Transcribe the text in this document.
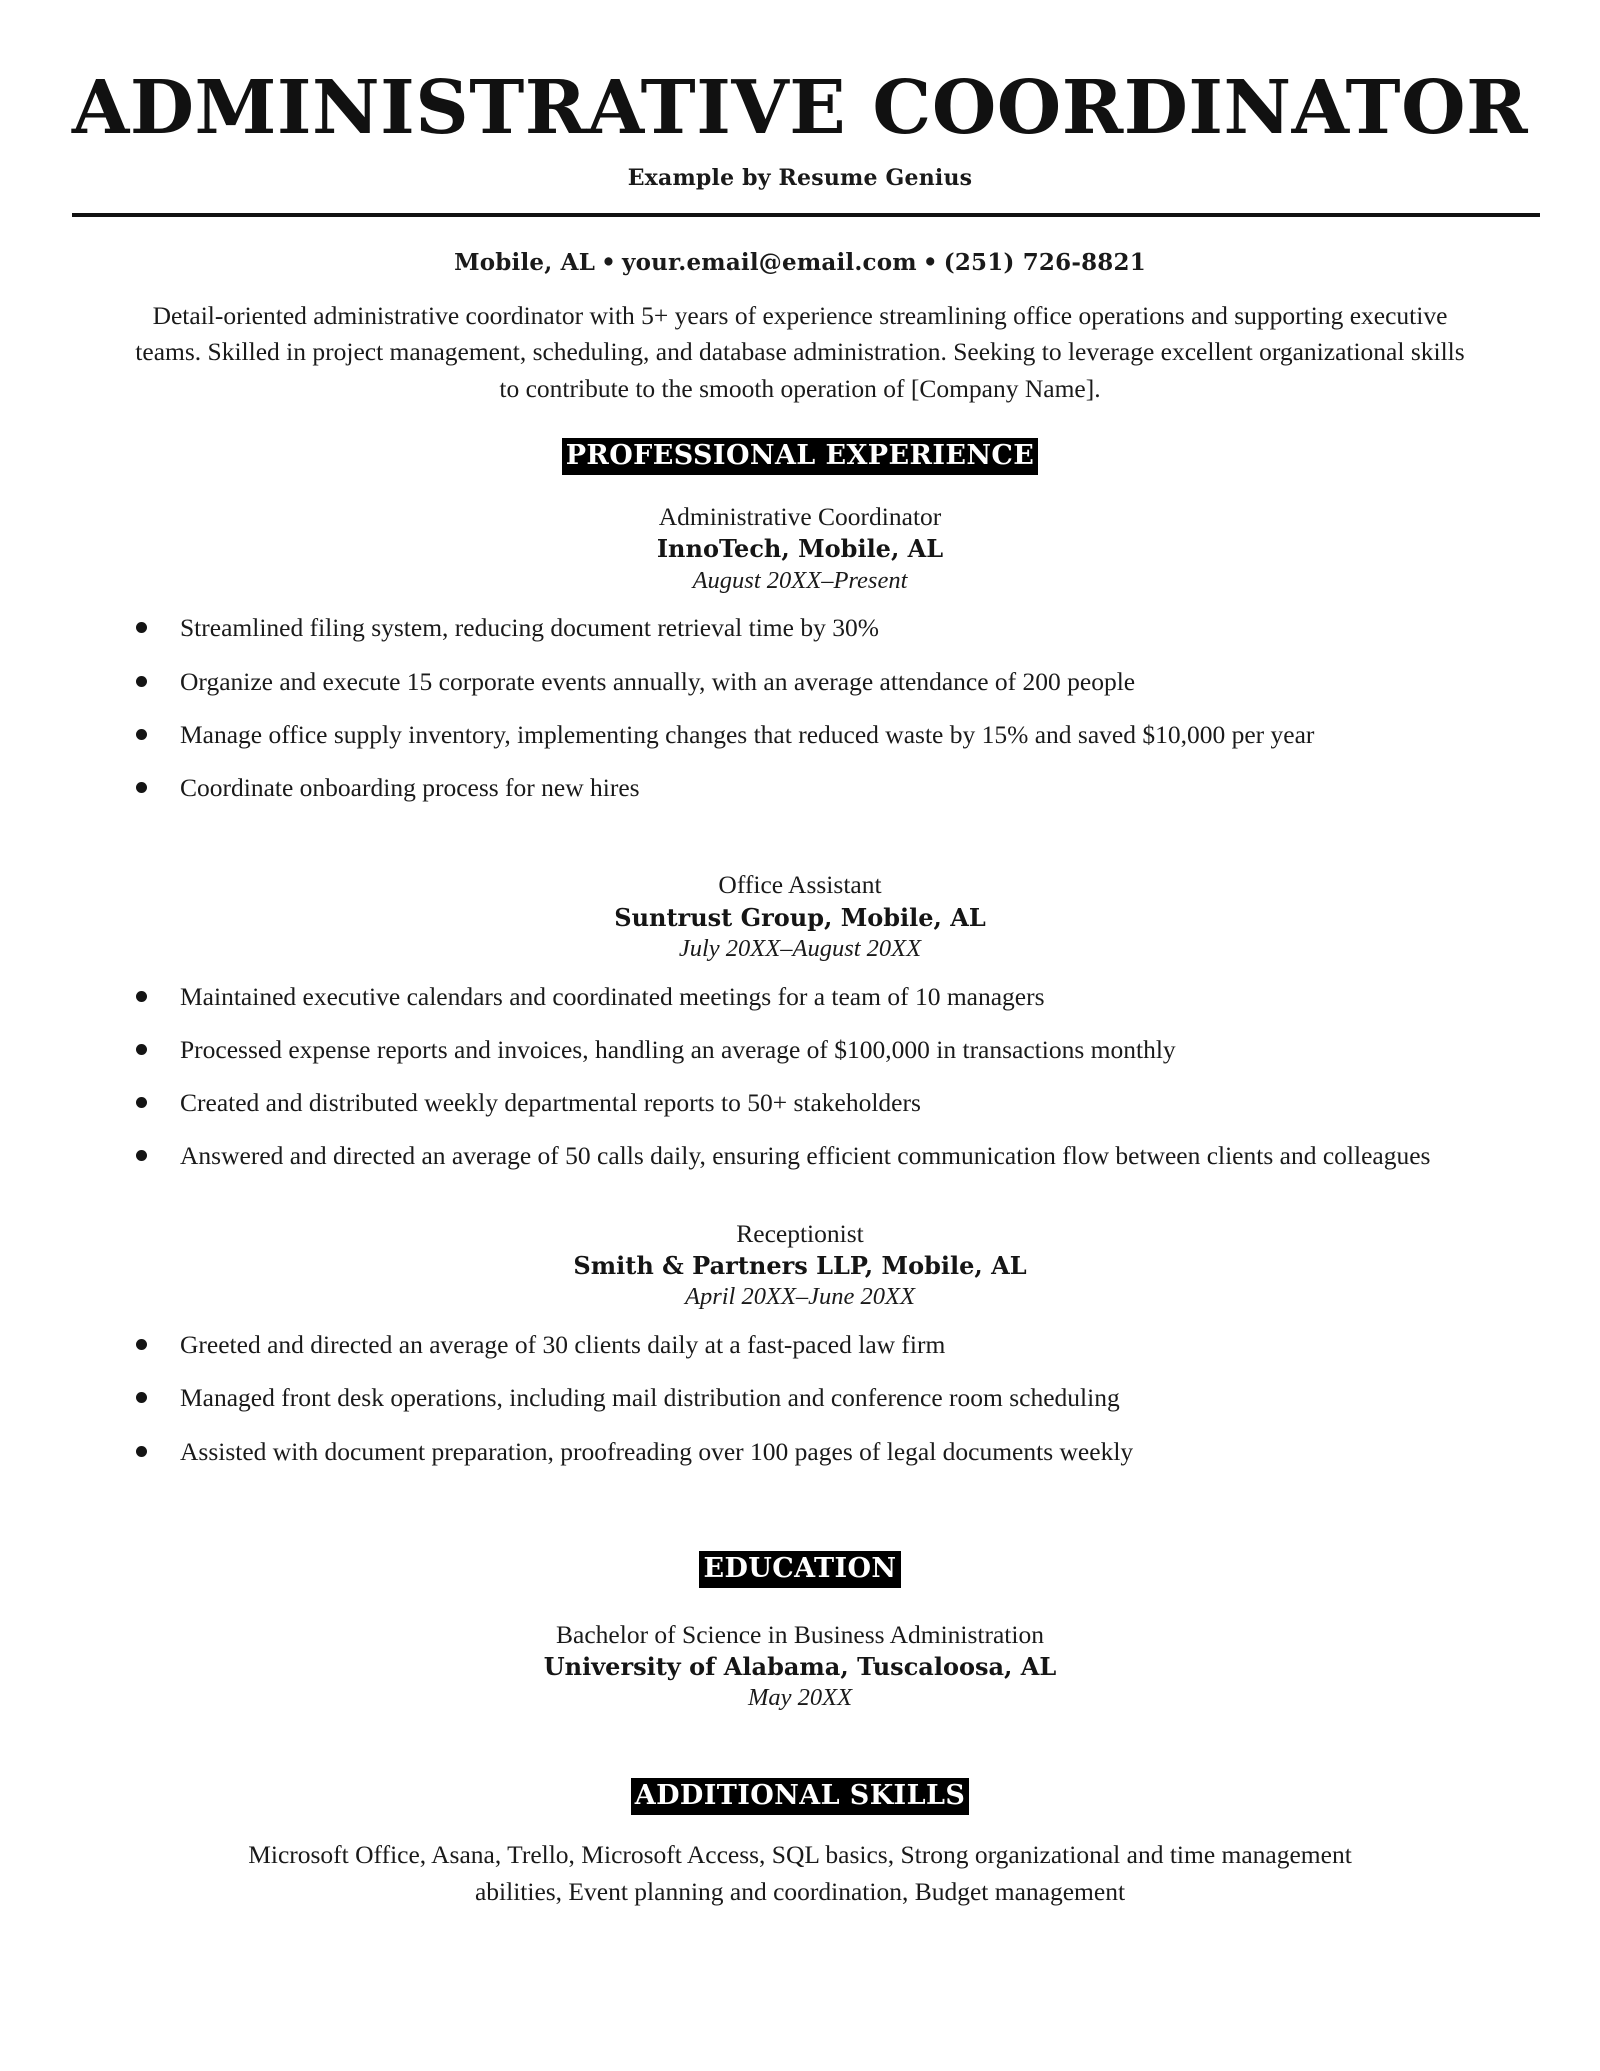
ADMINISTRATIVE COORDINATOR
Example by Resume Genius
Mobile, AL • your.email@email.com • (251) 726-8821
Detail-oriented administrative coordinator with 5+ years of experience streamlining office operations and supporting executive teams. Skilled in project management, scheduling, and database administration. Seeking to leverage excellent organizational skills to contribute to the smooth operation of [Company Name].
PROFESSIONAL EXPERIENCE
Administrative Coordinator
InnoTech, Mobile, AL
August 20XX–Present
Streamlined filing system, reducing document retrieval time by 30%
Organize and execute 15 corporate events annually, with an average attendance of 200 people
Manage office supply inventory, implementing changes that reduced waste by 15% and saved $10,000 per year
Coordinate onboarding process for new hires
Office Assistant
Suntrust Group, Mobile, AL
July 20XX–August 20XX
Maintained executive calendars and coordinated meetings for a team of 10 managers
Processed expense reports and invoices, handling an average of $100,000 in transactions monthly
Created and distributed weekly departmental reports to 50+ stakeholders
Answered and directed an average of 50 calls daily, ensuring efficient communication flow between clients and colleagues
Receptionist
Smith & Partners LLP, Mobile, AL
April 20XX–June 20XX
Greeted and directed an average of 30 clients daily at a fast-paced law firm
Managed front desk operations, including mail distribution and conference room scheduling
Assisted with document preparation, proofreading over 100 pages of legal documents weekly
EDUCATION
Bachelor of Science in Business Administration
University of Alabama, Tuscaloosa, AL
May 20XX
ADDITIONAL SKILLS
Microsoft Office, Asana, Trello, Microsoft Access, SQL basics, Strong organizational and time management abilities, Event planning and coordination, Budget management
